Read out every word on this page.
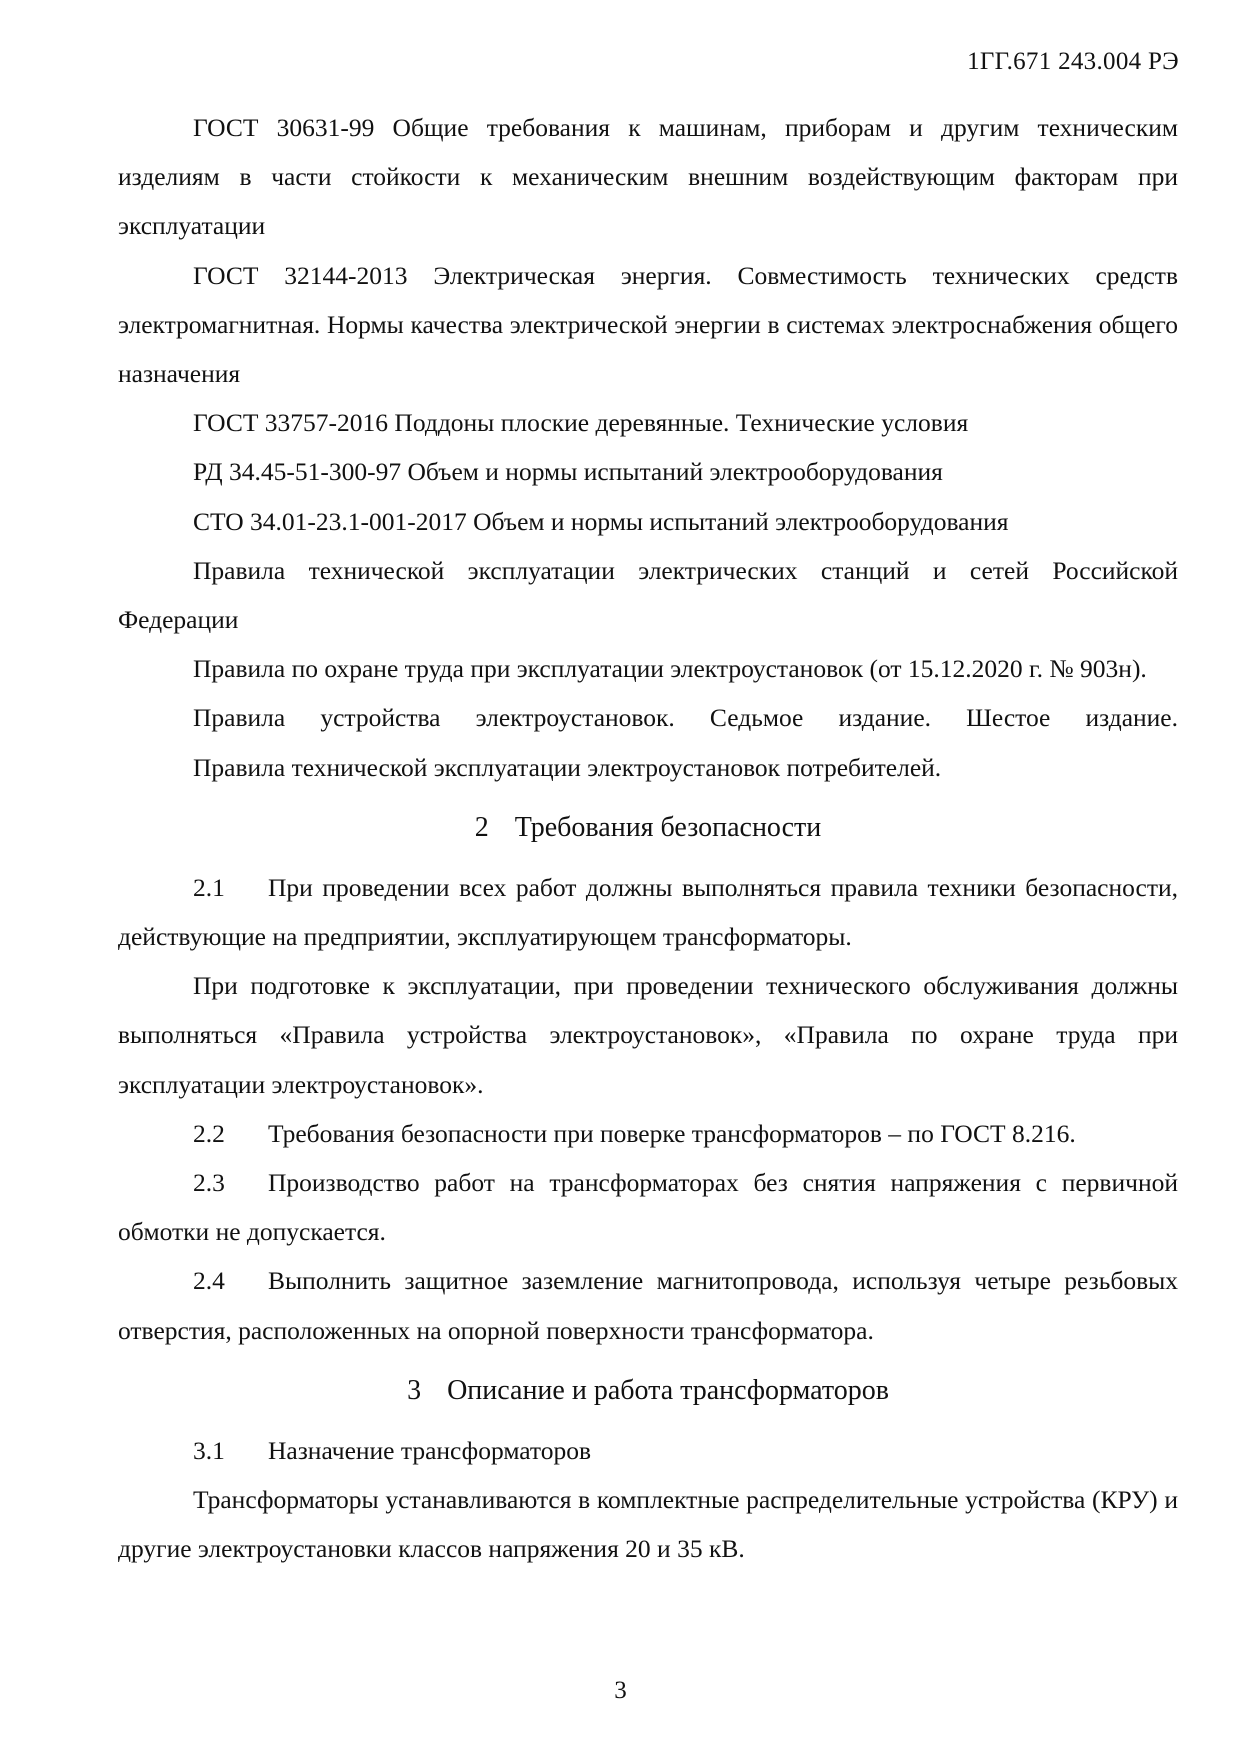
1ГГ.671 243.004 РЭ

ГОСТ 30631-99 Общие требования к машинам, приборам и другим техническим изделиям в части стойкости к механическим внешним воздействующим факторам при эксплуатации

ГОСТ 32144-2013 Электрическая энергия. Совместимость технических средств электромагнитная. Нормы качества электрической энергии в системах электроснабжения общего назначения

ГОСТ 33757-2016 Поддоны плоские деревянные. Технические условия

РД 34.45-51-300-97 Объем и нормы испытаний электрооборудования

СТО 34.01-23.1-001-2017 Объем и нормы испытаний электрооборудования

Правила технической эксплуатации электрических станций и сетей Российской Федерации

Правила по охране труда при эксплуатации электроустановок (от 15.12.2020 г. № 903н).

Правила устройства электроустановок. Седьмое издание. Шестое издание.

Правила технической эксплуатации электроустановок потребителей.

2 Требования безопасности

2.1 При проведении всех работ должны выполняться правила техники безопасности, действующие на предприятии, эксплуатирующем трансформаторы.

При подготовке к эксплуатации, при проведении технического обслуживания должны выполняться «Правила устройства электроустановок», «Правила по охране труда при эксплуатации электроустановок».

2.2 Требования безопасности при поверке трансформаторов – по ГОСТ 8.216.

2.3 Производство работ на трансформаторах без снятия напряжения с первичной обмотки не допускается.

2.4 Выполнить защитное заземление магнитопровода, используя четыре резьбовых отверстия, расположенных на опорной поверхности трансформатора.

3 Описание и работа трансформаторов

3.1 Назначение трансформаторов

Трансформаторы устанавливаются в комплектные распределительные устройства (КРУ) и другие электроустановки классов напряжения 20 и 35 кВ.

3
